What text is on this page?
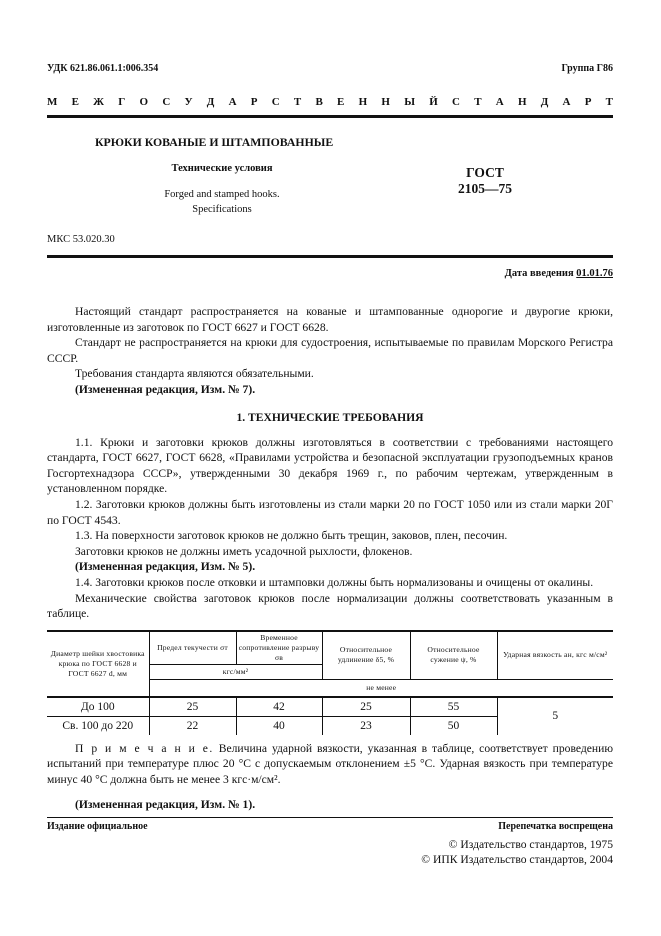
УДК 621.86.061.1:006.354	Группа Г86
М Е Ж Г О С У Д А Р С Т В Е Н Н Ы Й С Т А Н Д А Р Т
КРЮКИ КОВАНЫЕ И ШТАМПОВАННЫЕ
Технические условия
Forged and stamped hooks.
Specifications
ГОСТ
2105—75
МКС 53.020.30
Дата введения 01.01.76

Настоящий стандарт распространяется на кованые и штампованные однорогие и двурогие крюки, изготовленные из заготовок по ГОСТ 6627 и ГОСТ 6628.

Стандарт не распространяется на крюки для судостроения, испытываемые по правилам Морского Регистра СССР.

Требования стандарта являются обязательными.

(Измененная редакция, Изм. № 7).

1. ТЕХНИЧЕСКИЕ ТРЕБОВАНИЯ

1.1. Крюки и заготовки крюков должны изготовляться в соответствии с требованиями настоящего стандарта, ГОСТ 6627, ГОСТ 6628, «Правилами устройства и безопасной эксплуатации грузоподъемных кранов Госгортехнадзора СССР», утвержденными 30 декабря 1969 г., по рабочим чертежам, утвержденным в установленном порядке.

1.2. Заготовки крюков должны быть изготовлены из стали марки 20 по ГОСТ 1050 или из стали марки 20Г по ГОСТ 4543.

1.3. На поверхности заготовок крюков не должно быть трещин, заковов, плен, песочин.

Заготовки крюков не должны иметь усадочной рыхлости, флокенов.

(Измененная редакция, Изм. № 5).

1.4. Заготовки крюков после отковки и штамповки должны быть нормализованы и очищены от окалины.

Механические свойства заготовок крюков после нормализации должны соответствовать указанным в таблице.

Диаметр шейки хвостовика крюка по ГОСТ 6628 и ГОСТ 6627 d, мм	Предел текучести σт	Временное сопротивление разрыву σв	Относительное удлинение δ5, %	Относительное сужение ψ, %	Ударная вязкость aн, кгс м/см²
	кгс/мм²				
	не менее				
До 100	25	42	25	55	5
Св. 100 до 220	22	40	23	50	

П р и м е ч а н и е. Величина ударной вязкости, указанная в таблице, соответствует проведению испытаний при температуре плюс 20 °С с допускаемым отклонением ±5 °С. Ударная вязкость при температуре минус 40 °С должна быть не менее 3 кгс·м/см².

(Измененная редакция, Изм. № 1).

Издание официальное	Перепечатка воспрещена
© Издательство стандартов, 1975
© ИПК Издательство стандартов, 2004
